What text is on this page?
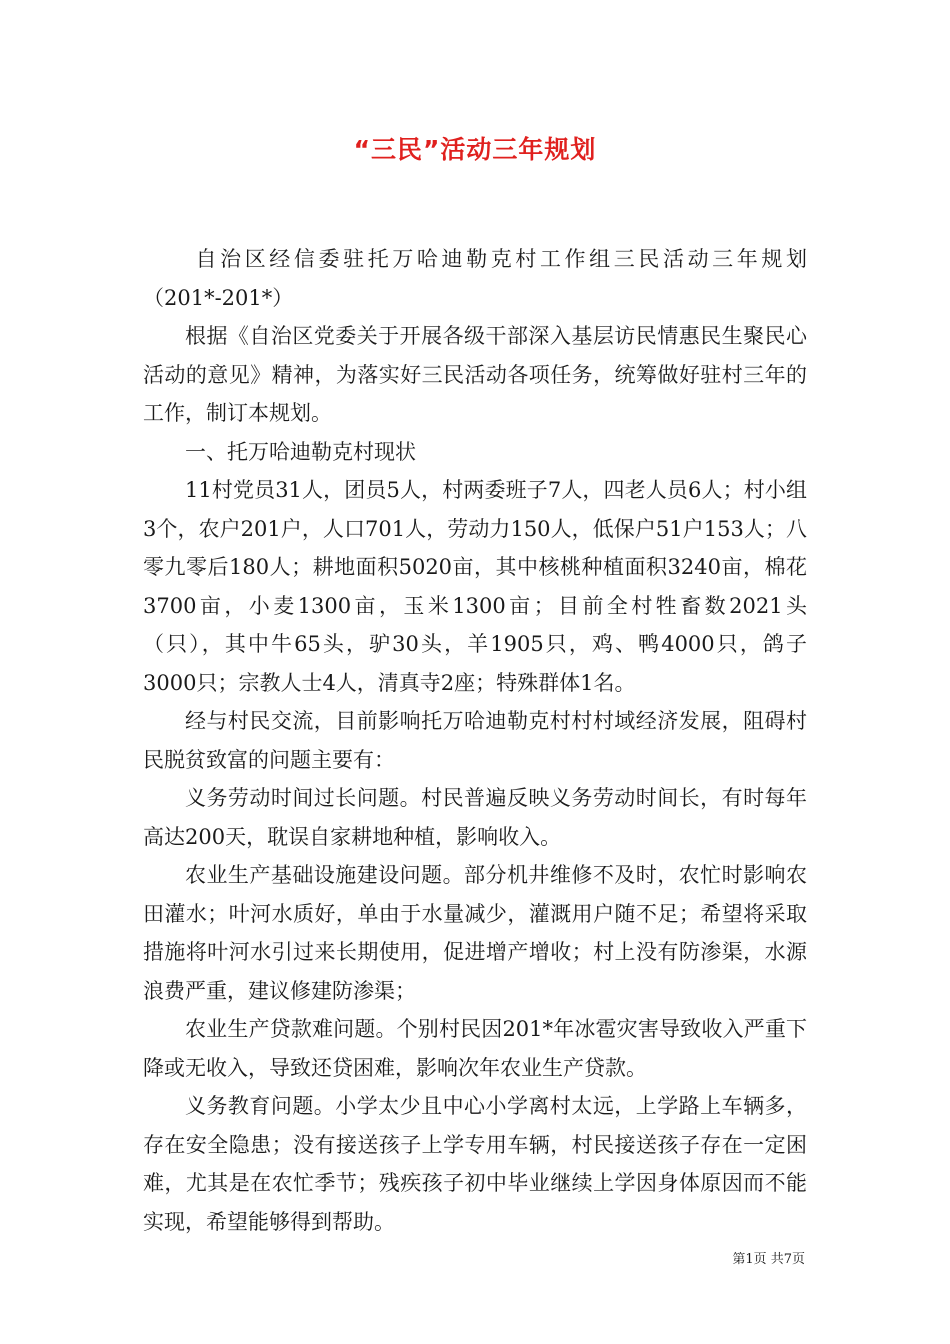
“三民”活动三年规划

自治区经信委驻托万哈迪勒克村工作组三民活动三年规划（201*-201*）

根据《自治区党委关于开展各级干部深入基层访民情惠民生聚民心活动的意见》精神，为落实好三民活动各项任务，统筹做好驻村三年的工作，制订本规划。

一、托万哈迪勒克村现状

11村党员31人，团员5人，村两委班子7人，四老人员6人；村小组3个，农户201户，人口701人，劳动力150人，低保户51户153人；八零九零后180人；耕地面积5020亩，其中核桃种植面积3240亩，棉花3700亩，小麦1300亩，玉米1300亩；目前全村牲畜数2021头（只），其中牛65头，驴30头，羊1905只，鸡、鸭4000只，鸽子3000只；宗教人士4人，清真寺2座；特殊群体1名。

经与村民交流，目前影响托万哈迪勒克村村村域经济发展，阻碍村民脱贫致富的问题主要有：

义务劳动时间过长问题。村民普遍反映义务劳动时间长，有时每年高达200天，耽误自家耕地种植，影响收入。

农业生产基础设施建设问题。部分机井维修不及时，农忙时影响农田灌水；叶河水质好，单由于水量减少，灌溉用户随不足；希望将采取措施将叶河水引过来长期使用，促进增产增收；村上没有防渗渠，水源浪费严重，建议修建防渗渠；

农业生产贷款难问题。个别村民因201*年冰雹灾害导致收入严重下降或无收入，导致还贷困难，影响次年农业生产贷款。

义务教育问题。小学太少且中心小学离村太远，上学路上车辆多，存在安全隐患；没有接送孩子上学专用车辆，村民接送孩子存在一定困难，尤其是在农忙季节；残疾孩子初中毕业继续上学因身体原因而不能实现，希望能够得到帮助。

第1页 共7页
